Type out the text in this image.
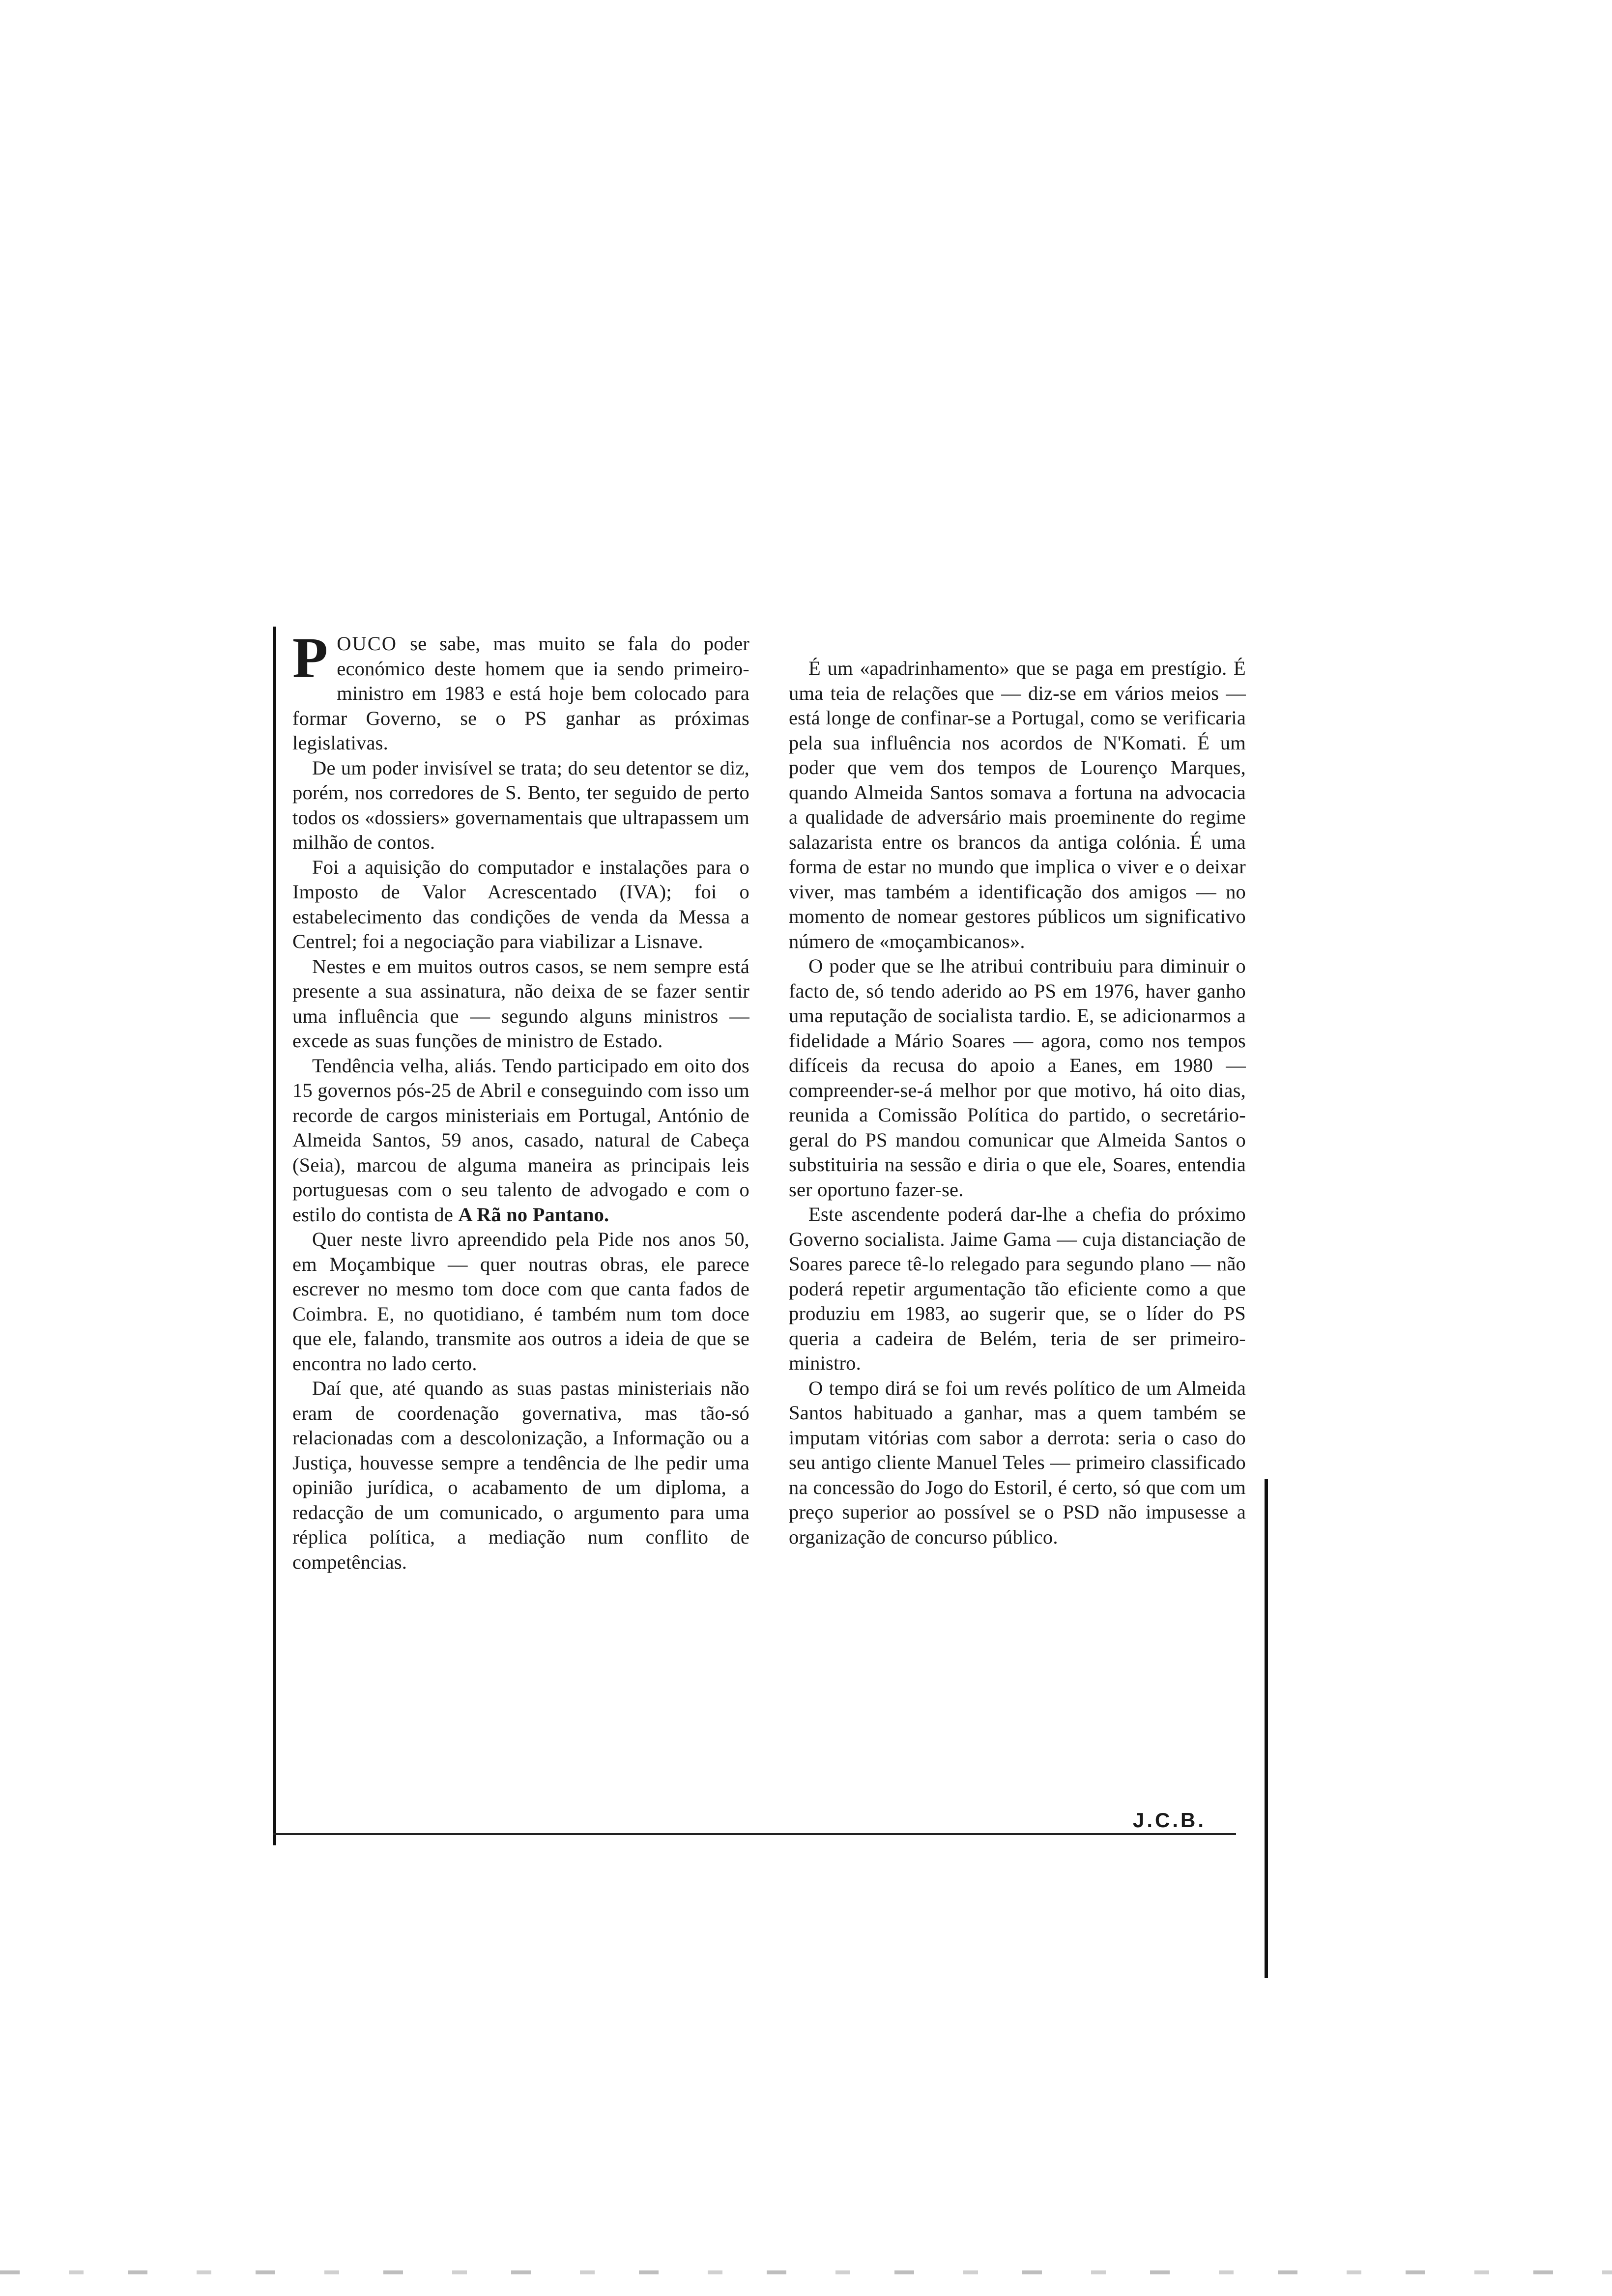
POUCO se sabe, mas muito se fala do poder económico deste homem que ia sendo primeiro-ministro em 1983 e está hoje bem colocado para formar Governo, se o PS ganhar as próximas legislativas.

De um poder invisível se trata; do seu detentor se diz, porém, nos corredores de S. Bento, ter seguido de perto todos os «dossiers» governamentais que ultrapassem um milhão de contos.

Foi a aquisição do computador e instalações para o Imposto de Valor Acrescentado (IVA); foi o estabelecimento das condições de venda da Messa a Centrel; foi a negociação para viabilizar a Lisnave.

Nestes e em muitos outros casos, se nem sempre está presente a sua assinatura, não deixa de se fazer sentir uma influência que — segundo alguns ministros — excede as suas funções de ministro de Estado.

Tendência velha, aliás. Tendo participado em oito dos 15 governos pós-25 de Abril e conseguindo com isso um recorde de cargos ministeriais em Portugal, António de Almeida Santos, 59 anos, casado, natural de Cabeça (Seia), marcou de alguma maneira as principais leis portuguesas com o seu talento de advogado e com o estilo do contista de A Rã no Pantano.

Quer neste livro apreendido pela Pide nos anos 50, em Moçambique — quer noutras obras, ele parece escrever no mesmo tom doce com que canta fados de Coimbra. E, no quotidiano, é também num tom doce que ele, falando, transmite aos outros a ideia de que se encontra no lado certo.

Daí que, até quando as suas pastas ministeriais não eram de coordenação governativa, mas tão-só relacionadas com a descolonização, a Informação ou a Justiça, houvesse sempre a tendência de lhe pedir uma opinião jurídica, o acabamento de um diploma, a redacção de um comunicado, o argumento para uma réplica política, a mediação num conflito de competências.

É um «apadrinhamento» que se paga em prestígio. É uma teia de relações que — diz-se em vários meios — está longe de confinar-se a Portugal, como se verificaria pela sua influência nos acordos de N'Komati. É um poder que vem dos tempos de Lourenço Marques, quando Almeida Santos somava a fortuna na advocacia a qualidade de adversário mais proeminente do regime salazarista entre os brancos da antiga colónia. É uma forma de estar no mundo que implica o viver e o deixar viver, mas também a identificação dos amigos — no momento de nomear gestores públicos um significativo número de «moçambicanos».

O poder que se lhe atribui contribuiu para diminuir o facto de, só tendo aderido ao PS em 1976, haver ganho uma reputação de socialista tardio. E, se adicionarmos a fidelidade a Mário Soares — agora, como nos tempos difíceis da recusa do apoio a Eanes, em 1980 — compreender-se-á melhor por que motivo, há oito dias, reunida a Comissão Política do partido, o secretário-geral do PS mandou comunicar que Almeida Santos o substituiria na sessão e diria o que ele, Soares, entendia ser oportuno fazer-se.

Este ascendente poderá dar-lhe a chefia do próximo Governo socialista. Jaime Gama — cuja distanciação de Soares parece tê-lo relegado para segundo plano — não poderá repetir argumentação tão eficiente como a que produziu em 1983, ao sugerir que, se o líder do PS queria a cadeira de Belém, teria de ser primeiro-ministro.

O tempo dirá se foi um revés político de um Almeida Santos habituado a ganhar, mas a quem também se imputam vitórias com sabor a derrota: seria o caso do seu antigo cliente Manuel Teles — primeiro classificado na concessão do Jogo do Estoril, é certo, só que com um preço superior ao possível se o PSD não impusesse a organização de concurso público.

J.C.B.
